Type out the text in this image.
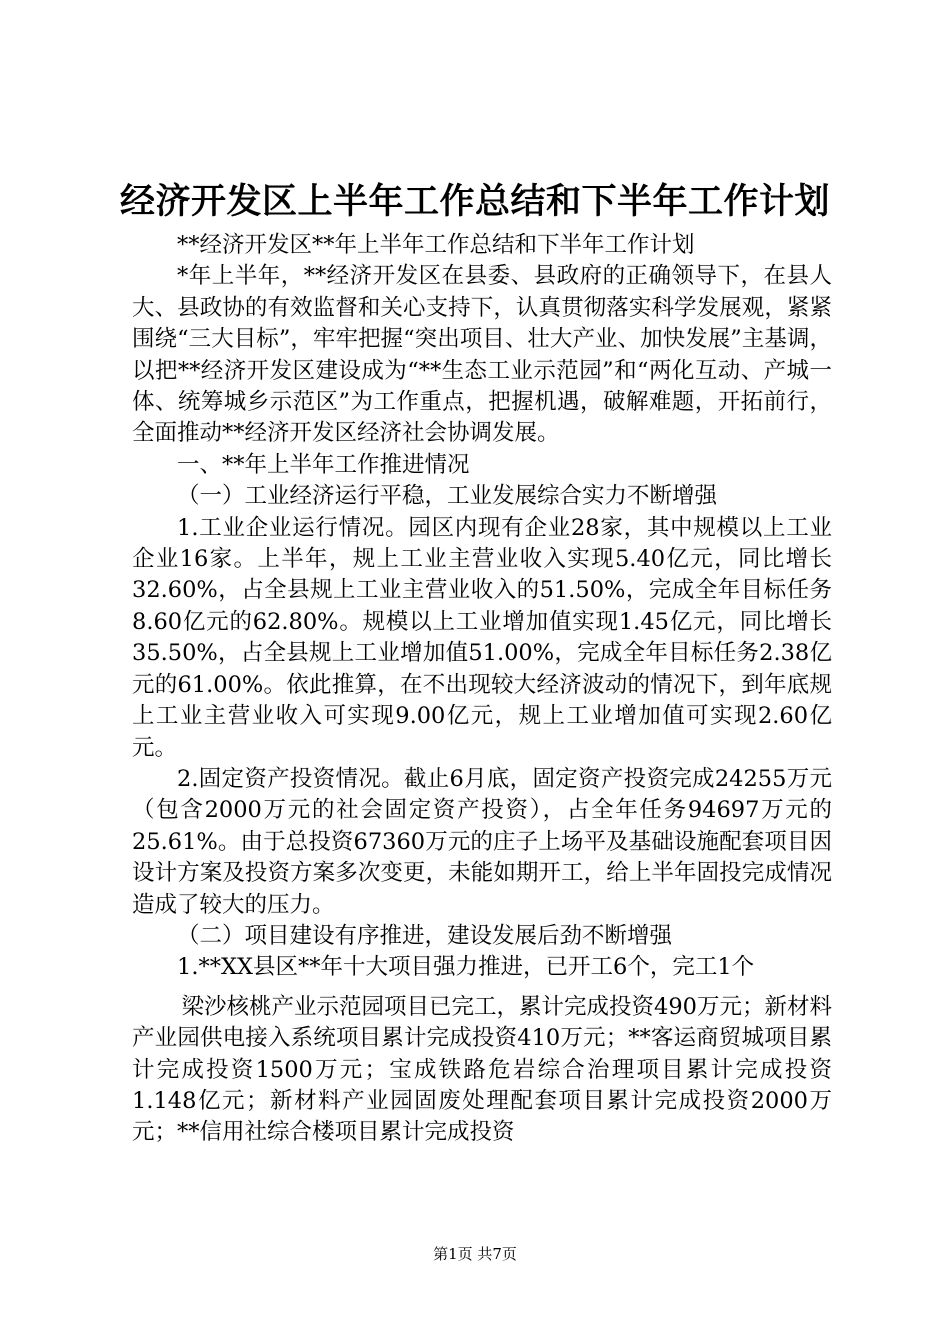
经济开发区上半年工作总结和下半年工作计划

**经济开发区**年上半年工作总结和下半年工作计划

*年上半年，**经济开发区在县委、县政府的正确领导下，在县人大、县政协的有效监督和关心支持下，认真贯彻落实科学发展观，紧紧围绕“三大目标”，牢牢把握“突出项目、壮大产业、加快发展”主基调，以把**经济开发区建设成为“**生态工业示范园”和“两化互动、产城一体、统筹城乡示范区”为工作重点，把握机遇，破解难题，开拓前行，全面推动**经济开发区经济社会协调发展。

一、**年上半年工作推进情况

（一）工业经济运行平稳，工业发展综合实力不断增强

1.工业企业运行情况。园区内现有企业28家，其中规模以上工业企业16家。上半年，规上工业主营业收入实现5.40亿元，同比增长32.60%，占全县规上工业主营业收入的51.50%，完成全年目标任务8.60亿元的62.80%。规模以上工业增加值实现1.45亿元，同比增长35.50%，占全县规上工业增加值51.00%，完成全年目标任务2.38亿元的61.00%。依此推算，在不出现较大经济波动的情况下，到年底规上工业主营业收入可实现9.00亿元，规上工业增加值可实现2.60亿元。

2.固定资产投资情况。截止6月底，固定资产投资完成24255万元（包含2000万元的社会固定资产投资），占全年任务94697万元的25.61%。由于总投资67360万元的庄子上场平及基础设施配套项目因设计方案及投资方案多次变更，未能如期开工，给上半年固投完成情况造成了较大的压力。

（二）项目建设有序推进，建设发展后劲不断增强

1.**XX县区**年十大项目强力推进，已开工6个，完工1个

梁沙核桃产业示范园项目已完工，累计完成投资490万元；新材料产业园供电接入系统项目累计完成投资410万元；**客运商贸城项目累计完成投资1500万元；宝成铁路危岩综合治理项目累计完成投资1.148亿元；新材料产业园固废处理配套项目累计完成投资2000万元；**信用社综合楼项目累计完成投资

第1页 共7页
